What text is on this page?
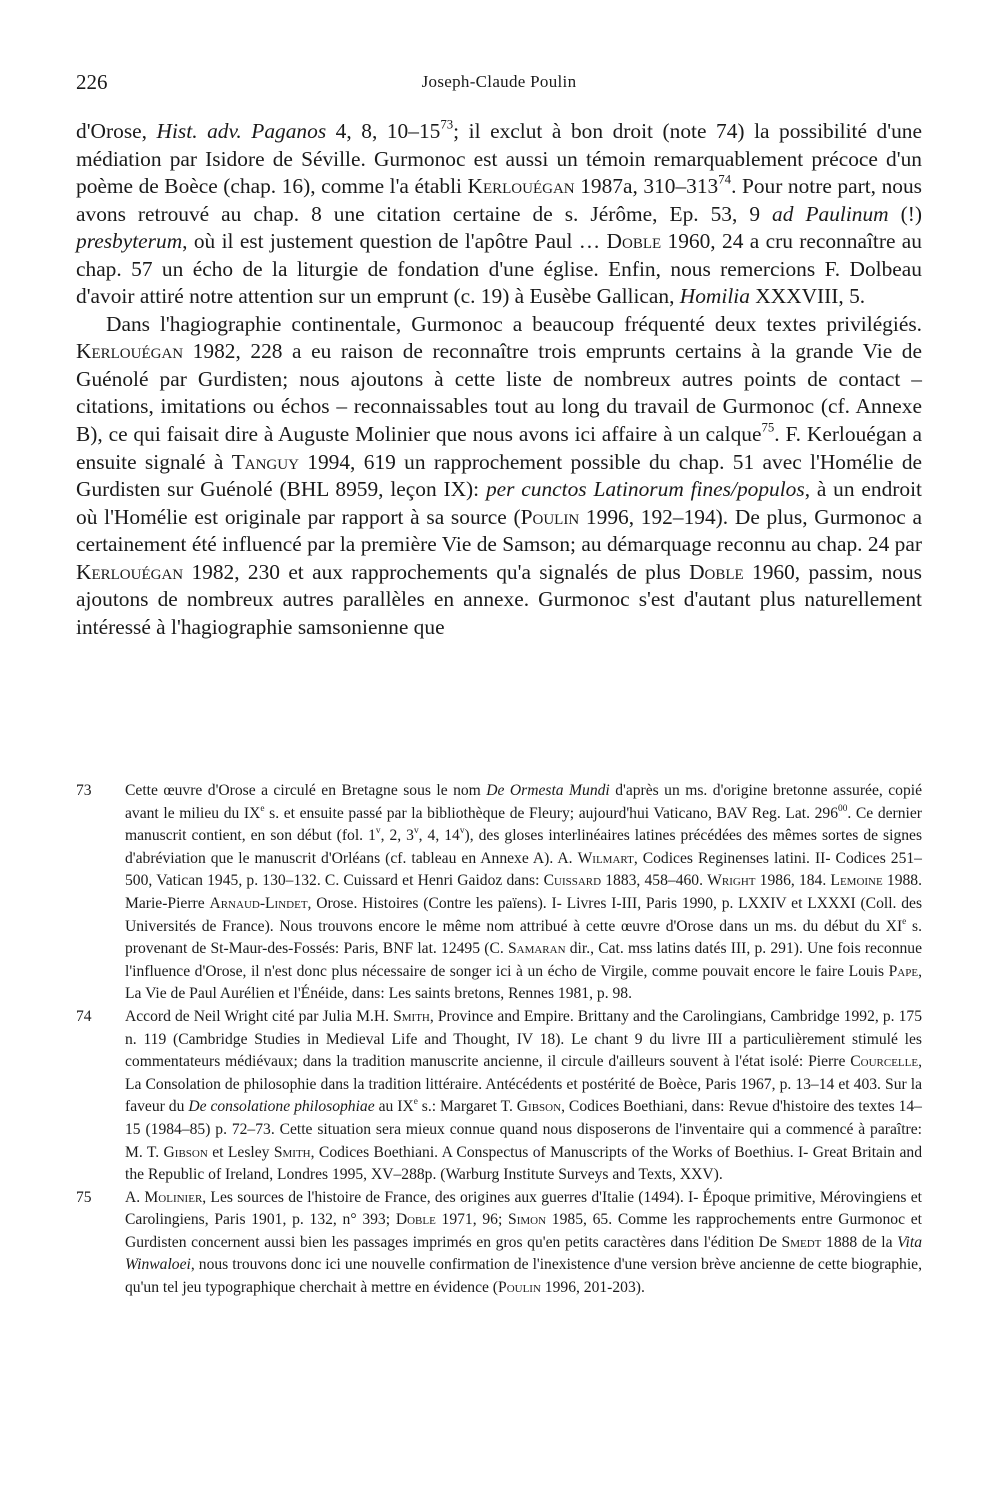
226	Joseph-Claude Poulin

d'Orose, Hist. adv. Paganos 4, 8, $10-15^{73}$; il exclut à bon droit (note 74) la possibilité d'une médiation par Isidore de Séville. Gurmonoc est aussi un témoin remarquablement précoce d'un poème de Boèce (chap. 16), comme l'a établi Kerlouégan 1987a, $310-313^{74}$. Pour notre part, nous avons retrouvé au chap. 8 une citation certaine de s. Jérôme, Ep. 53, 9 ad Paulinum (!) presbyterum, où il est justement question de l'apôtre Paul … Doble 1960, 24 a cru reconnaître au chap. 57 un écho de la liturgie de fondation d'une église. Enfin, nous remercions F. Dolbeau d'avoir attiré notre attention sur un emprunt (c. 19) à Eusèbe Gallican, Homilia XXXVIII, 5.

Dans l'hagiographie continentale, Gurmonoc a beaucoup fréquenté deux textes privilégiés. Kerlouégan 1982, 228 a eu raison de reconnaître trois emprunts certains à la grande Vie de Guénolé par Gurdisten; nous ajoutons à cette liste de nombreux autres points de contact – citations, imitations ou échos – reconnaissables tout au long du travail de Gurmonoc (cf. Annexe B), ce qui faisait dire à Auguste Molinier que nous avons ici affaire à un calque$^{75}$. F. Kerlouégan a ensuite signalé à Tanguy 1994, 619 un rapprochement possible du chap. 51 avec l'Homélie de Gurdisten sur Guénolé (BHL 8959, leçon IX): per cunctos Latinorum fines/populos, à un endroit où l'Homélie est originale par rapport à sa source (Poulin 1996, 192–194). De plus, Gurmonoc a certainement été influencé par la première Vie de Samson; au démarquage reconnu au chap. 24 par Kerlouégan 1982, 230 et aux rapprochements qu'a signalés de plus Doble 1960, passim, nous ajoutons de nombreux autres parallèles en annexe. Gurmonoc s'est d'autant plus naturellement intéressé à l'hagiographie samsonienne que

73 Cette œuvre d'Orose a circulé en Bretagne sous le nom De Ormesta Mundi d'après un ms. d'origine bretonne assurée, copié avant le milieu du IXe s. et ensuite passé par la bibliothèque de Fleury; aujourd'hui Vaticano, BAV Reg. Lat. $296^{00}$. Ce dernier manuscrit contient, en son début (fol. 1$^v$, 2, 3$^v$, 4, 14$^v$), des gloses interlinéaires latines précédées des mêmes sortes de signes d'abréviation que le manuscrit d'Orléans (cf. tableau en Annexe A). A. Wilmart, Codices Reginenses latini. II- Codices 251–500, Vatican 1945, p. 130–132. C. Cuissard et Henri Gaidoz dans: Cuissard 1883, 458–460. Wright 1986, 184. Lemoine 1988. Marie-Pierre Arnaud-Lindet, Orose. Histoires (Contre les païens). I- Livres I-III, Paris 1990, p. LXXIV et LXXXI (Coll. des Universités de France). Nous trouvons encore le même nom attribué à cette œuvre d'Orose dans un ms. du début du XIe s. provenant de St-Maur-des-Fossés: Paris, BNF lat. 12495 (C. Samaran dir., Cat. mss latins datés III, p. 291). Une fois reconnue l'influence d'Orose, il n'est donc plus nécessaire de songer ici à un écho de Virgile, comme pouvait encore le faire Louis Pape, La Vie de Paul Aurélien et l'Énéide, dans: Les saints bretons, Rennes 1981, p. 98.

74 Accord de Neil Wright cité par Julia M.H. Smith, Province and Empire. Brittany and the Carolingians, Cambridge 1992, p. 175 n. 119 (Cambridge Studies in Medieval Life and Thought, IV 18). Le chant 9 du livre III a particulièrement stimulé les commentateurs médiévaux; dans la tradition manuscrite ancienne, il circule d'ailleurs souvent à l'état isolé: Pierre Courcelle, La Consolation de philosophie dans la tradition littéraire. Antécédents et postérité de Boèce, Paris 1967, p. 13–14 et 403. Sur la faveur du De consolatione philosophiae au IXe s.: Margaret T. Gibson, Codices Boethiani, dans: Revue d'histoire des textes 14–15 (1984–85) p. 72–73. Cette situation sera mieux connue quand nous disposerons de l'inventaire qui a commencé à paraître: M. T. Gibson et Lesley Smith, Codices Boethiani. A Conspectus of Manuscripts of the Works of Boethius. I- Great Britain and the Republic of Ireland, Londres 1995, XV–288p. (Warburg Institute Surveys and Texts, XXV).

75 A. Molinier, Les sources de l'histoire de France, des origines aux guerres d'Italie (1494). I- Époque primitive, Mérovingiens et Carolingiens, Paris 1901, p. 132, n° 393; Doble 1971, 96; Simon 1985, 65. Comme les rapprochements entre Gurmonoc et Gurdisten concernent aussi bien les passages imprimés en gros qu'en petits caractères dans l'édition De Smedt 1888 de la Vita Winwaloei, nous trouvons donc ici une nouvelle confirmation de l'inexistence d'une version brève ancienne de cette biographie, qu'un tel jeu typographique cherchait à mettre en évidence (Poulin 1996, 201-203).
